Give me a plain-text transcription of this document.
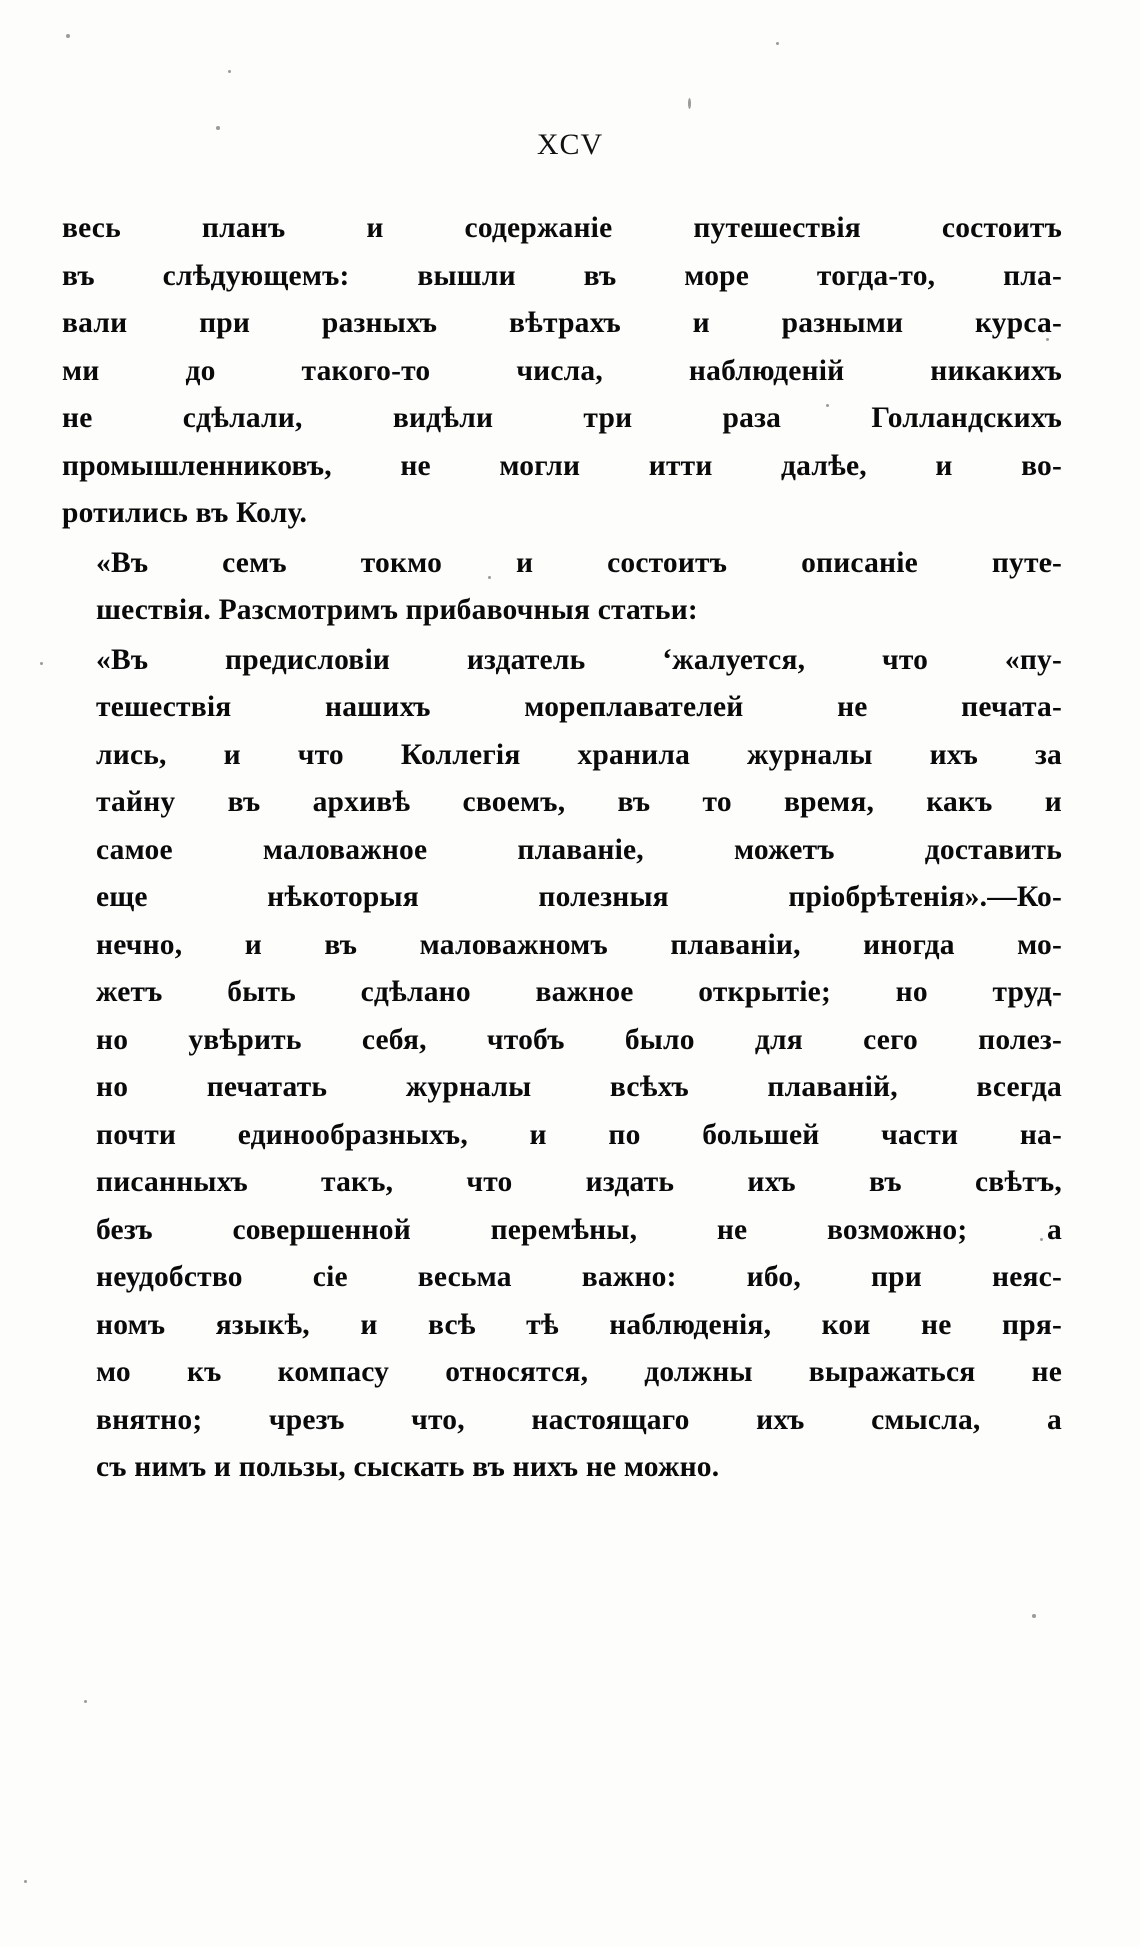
XCV

весь планъ и содержаніе путешествія состоитъ
въ слѣдующемъ: вышли въ море тогда-то, пла-
вали при разныхъ вѣтрахъ и разными курса-
ми до такого-то числа, наблюденій никакихъ
не сдѣлали, видѣли три раза Голландскихъ
промышленниковъ, не могли итти далѣе, и во-
ротились въ Колу.

«Въ семъ токмо и состоитъ описаніе путе-
шествія. Разсмотримъ прибавочныя статьи:

«Въ предисловіи издатель ‘жалуется, что «пу-
тешествія нашихъ мореплавателей не печата-
лись, и что Коллегія хранила журналы ихъ за
тайну въ архивѣ своемъ, въ то время, какъ и
самое маловажное плаваніе, можетъ доставить
еще нѣкоторыя полезныя пріобрѣтенія».—Ко-
нечно, и въ маловажномъ плаваніи, иногда мо-
жетъ быть сдѣлано важное открытіе; но труд-
но увѣрить себя, чтобъ было для сего полез-
но печатать журналы всѣхъ плаваній, всегда
почти единообразныхъ, и по большей части на-
писанныхъ такъ, что издать ихъ въ свѣтъ,
безъ совершенной перемѣны, не возможно; а
неудобство сіе весьма важно: ибо, при неяс-
номъ языкѣ, и всѣ тѣ наблюденія, кои не пря-
мо къ компасу относятся, должны выражаться не
внятно; чрезъ что, настоящаго ихъ смысла, а
съ нимъ и пользы, сыскать въ нихъ не можно.
